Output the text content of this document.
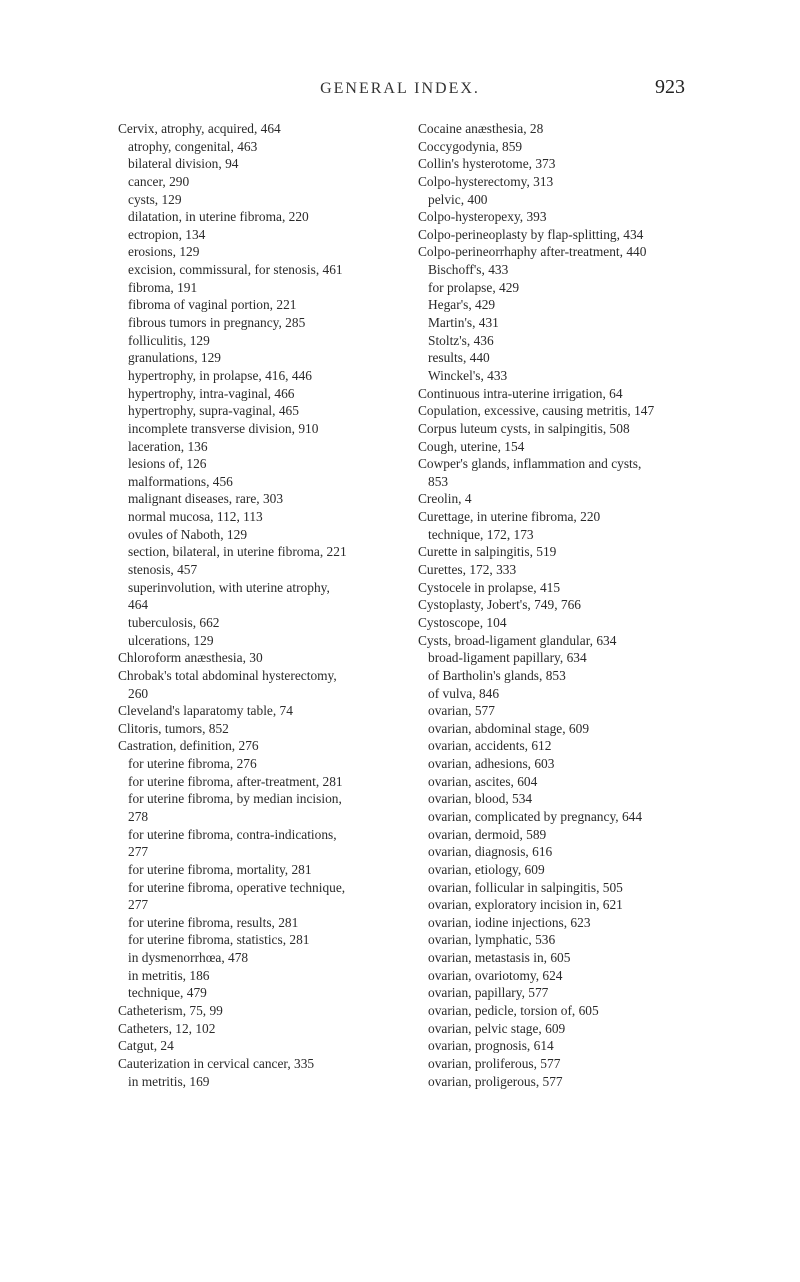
GENERAL INDEX.	923

Cervix, atrophy, acquired, 464

atrophy, congenital, 463

bilateral division, 94

cancer, 290

cysts, 129

dilatation, in uterine fibroma, 220

ectropion, 134

erosions, 129

excision, commissural, for stenosis, 461

fibroma, 191

fibroma of vaginal portion, 221

fibrous tumors in pregnancy, 285

folliculitis, 129

granulations, 129

hypertrophy, in prolapse, 416, 446

hypertrophy, intra-vaginal, 466

hypertrophy, supra-vaginal, 465

incomplete transverse division, 910

laceration, 136

lesions of, 126

malformations, 456

malignant diseases, rare, 303

normal mucosa, 112, 113

ovules of Naboth, 129

section, bilateral, in uterine fibroma, 221

stenosis, 457

superinvolution, with uterine atrophy,

464

tuberculosis, 662

ulcerations, 129

Chloroform anæsthesia, 30

Chrobak's total abdominal hysterectomy,

260

Cleveland's laparatomy table, 74

Clitoris, tumors, 852

Castration, definition, 276

for uterine fibroma, 276

for uterine fibroma, after-treatment, 281

for uterine fibroma, by median incision,

278

for uterine fibroma, contra-indications,

277

for uterine fibroma, mortality, 281

for uterine fibroma, operative technique,

277

for uterine fibroma, results, 281

for uterine fibroma, statistics, 281

in dysmenorrhœa, 478

in metritis, 186

technique, 479

Catheterism, 75, 99

Catheters, 12, 102

Catgut, 24

Cauterization in cervical cancer, 335

in metritis, 169

Cocaine anæsthesia, 28

Coccygodynia, 859

Collin's hysterotome, 373

Colpo-hysterectomy, 313

pelvic, 400

Colpo-hysteropexy, 393

Colpo-perineoplasty by flap-splitting, 434

Colpo-perineorrhaphy after-treatment, 440

Bischoff's, 433

for prolapse, 429

Hegar's, 429

Martin's, 431

Stoltz's, 436

results, 440

Winckel's, 433

Continuous intra-uterine irrigation, 64

Copulation, excessive, causing metritis, 147

Corpus luteum cysts, in salpingitis, 508

Cough, uterine, 154

Cowper's glands, inflammation and cysts,

853

Creolin, 4

Curettage, in uterine fibroma, 220

technique, 172, 173

Curette in salpingitis, 519

Curettes, 172, 333

Cystocele in prolapse, 415

Cystoplasty, Jobert's, 749, 766

Cystoscope, 104

Cysts, broad-ligament glandular, 634

broad-ligament papillary, 634

of Bartholin's glands, 853

of vulva, 846

ovarian, 577

ovarian, abdominal stage, 609

ovarian, accidents, 612

ovarian, adhesions, 603

ovarian, ascites, 604

ovarian, blood, 534

ovarian, complicated by pregnancy, 644

ovarian, dermoid, 589

ovarian, diagnosis, 616

ovarian, etiology, 609

ovarian, follicular in salpingitis, 505

ovarian, exploratory incision in, 621

ovarian, iodine injections, 623

ovarian, lymphatic, 536

ovarian, metastasis in, 605

ovarian, ovariotomy, 624

ovarian, papillary, 577

ovarian, pedicle, torsion of, 605

ovarian, pelvic stage, 609

ovarian, prognosis, 614

ovarian, proliferous, 577

ovarian, proligerous, 577
